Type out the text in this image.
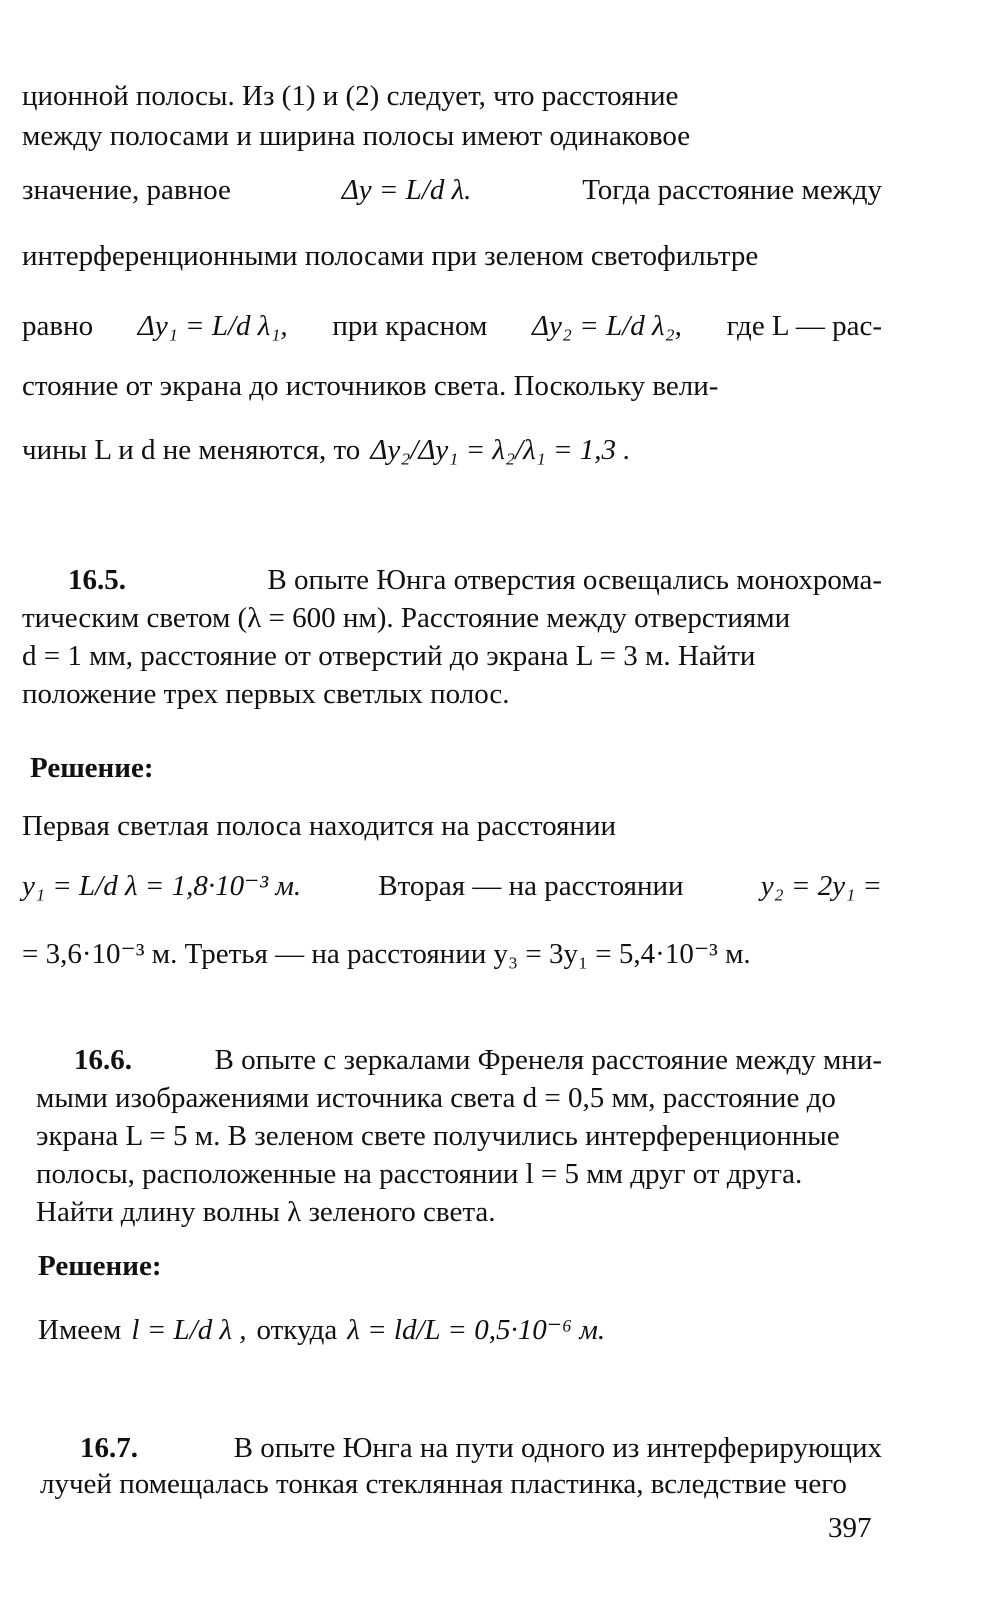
ционной полосы. Из (1) и (2) следует, что расстояние
между полосами и ширина полосы имеют одинаковое
значение, равное	Δy = L/d λ.	Тогда расстояние между
интерференционными полосами при зеленом светофильтре
равно Δy₁ = L/d λ₁, при красном Δy₂ = L/d λ₂, где L — рас-
стояние от экрана до источников света. Поскольку вели-
чины L и d не меняются, то Δy₂/Δy₁ = λ₂/λ₁ = 1,3 .
16.5.	В опыте Юнга отверстия освещались монохрома-
тическим светом (λ = 600 нм). Расстояние между отверстиями
d = 1 мм, расстояние от отверстий до экрана L = 3 м. Найти
положение трех первых светлых полос.
Решение:
Первая светлая полоса находится на расстоянии
y₁ = L/d λ = 1,8·10⁻³ м.	Вторая — на расстоянии	y₂ = 2y₁ =
= 3,6·10⁻³ м. Третья — на расстоянии y₃ = 3y₁ = 5,4·10⁻³ м.
16.6.	В опыте с зеркалами Френеля расстояние между мни-
мыми изображениями источника света d = 0,5 мм, расстояние до
экрана L = 5 м. В зеленом свете получились интерференционные
полосы, расположенные на расстоянии l = 5 мм друг от друга.
Найти длину волны λ зеленого света.
Решение:
Имеем l = L/d λ , откуда λ = ld/L = 0,5·10⁻⁶ м.
16.7.	В опыте Юнга на пути одного из интерферирующих
лучей помещалась тонкая стеклянная пластинка, вследствие чего
397
